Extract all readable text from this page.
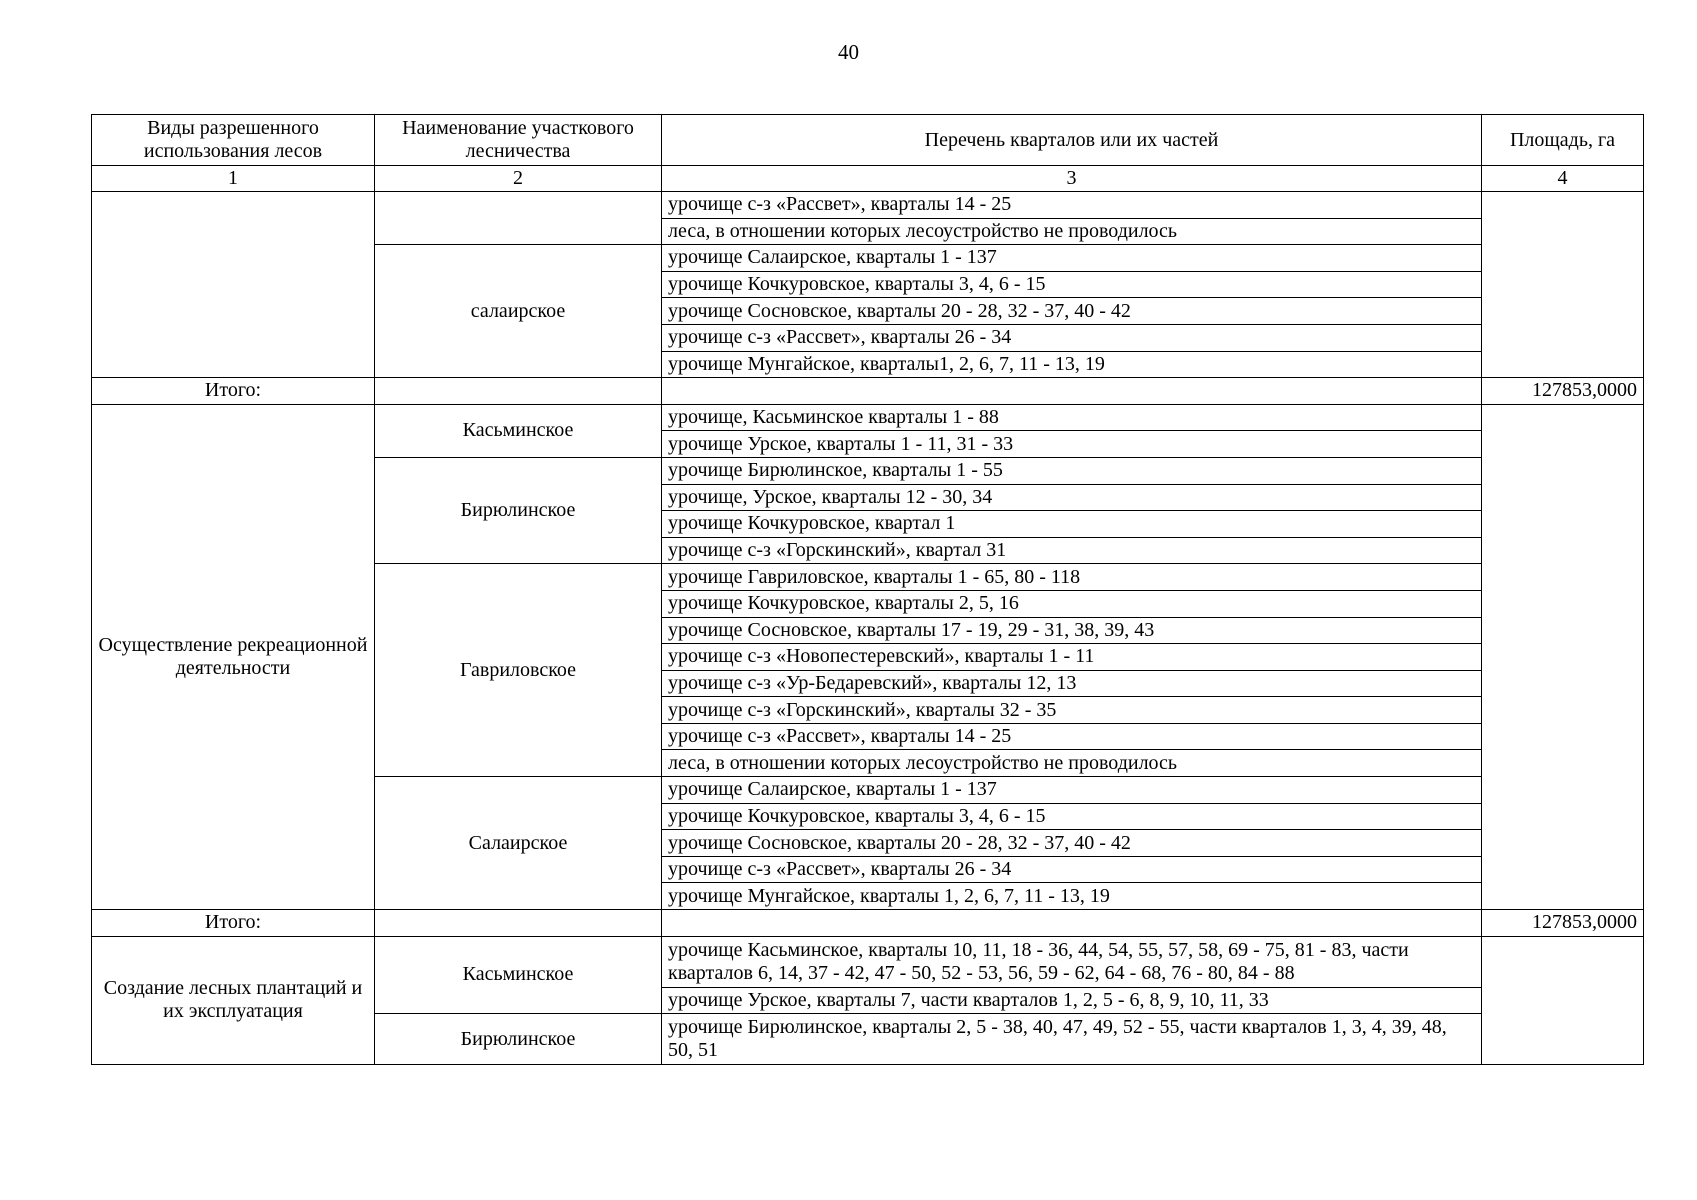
40
Виды разрешенного использования лесов	Наименование участкового лесничества	Перечень кварталов или их частей	Площадь, га
1	2	3	4
		урочище с-з «Рассвет», кварталы 14 - 25	
		леса, в отношении которых лесоустройство не проводилось	
	салаирское	урочище Салаирское, кварталы 1 - 137	
		урочище Кочкуровское, кварталы 3, 4, 6 - 15	
		урочище Сосновское, кварталы 20 - 28, 32 - 37, 40 - 42	
		урочище с-з «Рассвет», кварталы 26 - 34	
		урочище Мунгайское, кварталы1, 2, 6, 7, 11 - 13, 19	
Итого:			127853,0000
Осуществление рекреационной деятельности	Касьминское	урочище, Касьминское кварталы 1 - 88	
		урочище Урское, кварталы 1 - 11, 31 - 33	
	Бирюлинское	урочище Бирюлинское, кварталы 1 - 55	
		урочище, Урское, кварталы 12 - 30, 34	
		урочище Кочкуровское, квартал 1	
		урочище с-з «Горскинский», квартал 31	
	Гавриловское	урочище Гавриловское, кварталы 1 - 65, 80 - 118	
		урочище Кочкуровское, кварталы 2, 5, 16	
		урочище Сосновское, кварталы 17 - 19, 29 - 31, 38, 39, 43	
		урочище с-з «Новопестеревский», кварталы 1 - 11	
		урочище с-з «Ур-Бедаревский», кварталы 12, 13	
		урочище с-з «Горскинский», кварталы 32 - 35	
		урочище с-з «Рассвет», кварталы 14 - 25	
		леса, в отношении которых лесоустройство не проводилось	
	Салаирское	урочище Салаирское, кварталы 1 - 137	
		урочище Кочкуровское, кварталы 3, 4, 6 - 15	
		урочище Сосновское, кварталы 20 - 28, 32 - 37, 40 - 42	
		урочище с-з «Рассвет», кварталы 26 - 34	
		урочище Мунгайское, кварталы 1, 2, 6, 7, 11 - 13, 19	
Итого:			127853,0000
Создание лесных плантаций и их эксплуатация	Касьминское	урочище Касьминское, кварталы 10, 11, 18 - 36, 44, 54, 55, 57, 58, 69 - 75, 81 - 83, части кварталов 6, 14, 37 - 42, 47 - 50, 52 - 53, 56, 59 - 62, 64 - 68, 76 - 80, 84 - 88	
		урочище Урское, кварталы 7, части кварталов 1, 2, 5 - 6, 8, 9, 10, 11, 33	
	Бирюлинское	урочище Бирюлинское, кварталы 2, 5 - 38, 40, 47, 49, 52 - 55, части кварталов 1, 3, 4, 39, 48, 50, 51	
